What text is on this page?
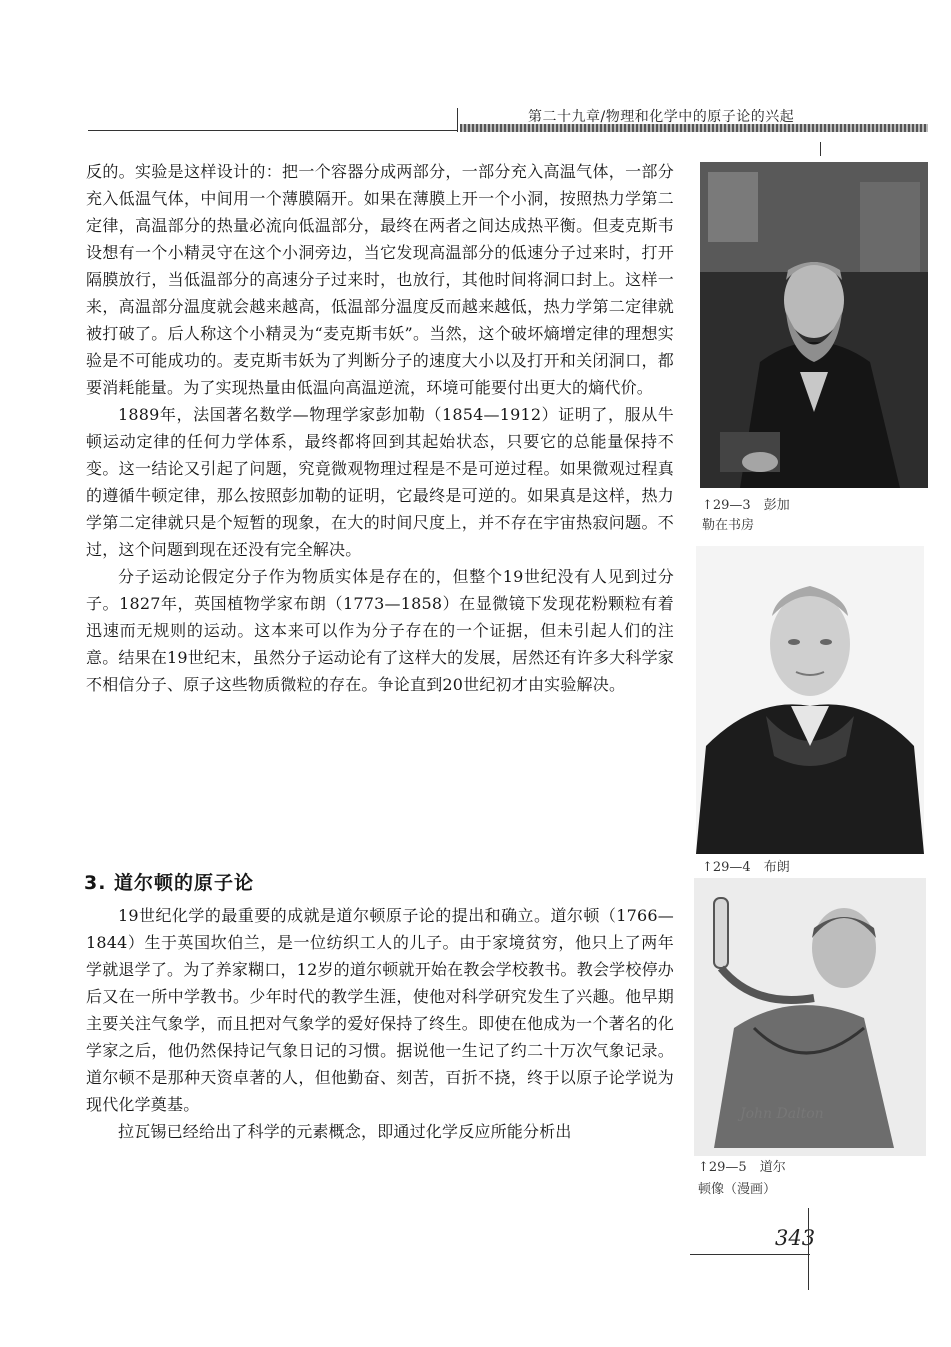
第二十九章/物理和化学中的原子论的兴起

反的。实验是这样设计的：把一个容器分成两部分，一部分充入高温气体，一部分充入低温气体，中间用一个薄膜隔开。如果在薄膜上开一个小洞，按照热力学第二定律，高温部分的热量必流向低温部分，最终在两者之间达成热平衡。但麦克斯韦设想有一个小精灵守在这个小洞旁边，当它发现高温部分的低速分子过来时，打开隔膜放行，当低温部分的高速分子过来时，也放行，其他时间将洞口封上。这样一来，高温部分温度就会越来越高，低温部分温度反而越来越低，热力学第二定律就被打破了。后人称这个小精灵为“麦克斯韦妖”。当然，这个破坏熵增定律的理想实验是不可能成功的。麦克斯韦妖为了判断分子的速度大小以及打开和关闭洞口，都要消耗能量。为了实现热量由低温向高温逆流，环境可能要付出更大的熵代价。

1889年，法国著名数学—物理学家彭加勒（1854—1912）证明了，服从牛顿运动定律的任何力学体系，最终都将回到其起始状态，只要它的总能量保持不变。这一结论又引起了问题，究竟微观物理过程是不是可逆过程。如果微观过程真的遵循牛顿定律，那么按照彭加勒的证明，它最终是可逆的。如果真是这样，热力学第二定律就只是个短暂的现象，在大的时间尺度上，并不存在宇宙热寂问题。不过，这个问题到现在还没有完全解决。

分子运动论假定分子作为物质实体是存在的，但整个19世纪没有人见到过分子。1827年，英国植物学家布朗（1773—1858）在显微镜下发现花粉颗粒有着迅速而无规则的运动。这本来可以作为分子存在的一个证据，但未引起人们的注意。结果在19世纪末，虽然分子运动论有了这样大的发展，居然还有许多大科学家不相信分子、原子这些物质微粒的存在。争论直到20世纪初才由实验解决。

3. 道尔顿的原子论

19世纪化学的最重要的成就是道尔顿原子论的提出和确立。道尔顿（1766—1844）生于英国坎伯兰，是一位纺织工人的儿子。由于家境贫穷，他只上了两年学就退学了。为了养家糊口，12岁的道尔顿就开始在教会学校教书。教会学校停办后又在一所中学教书。少年时代的教学生涯，使他对科学研究发生了兴趣。他早期主要关注气象学，而且把对气象学的爱好保持了终生。即使在他成为一个著名的化学家之后，他仍然保持记气象日记的习惯。据说他一生记了约二十万次气象记录。道尔顿不是那种天资卓著的人，但他勤奋、刻苦，百折不挠，终于以原子论学说为现代化学奠基。

拉瓦锡已经给出了科学的元素概念，即通过化学反应所能分析出

↑29—3　彭加
勒在书房
↑29—4　布朗
John Dalton
↑29—5　道尔
顿像（漫画）
343
